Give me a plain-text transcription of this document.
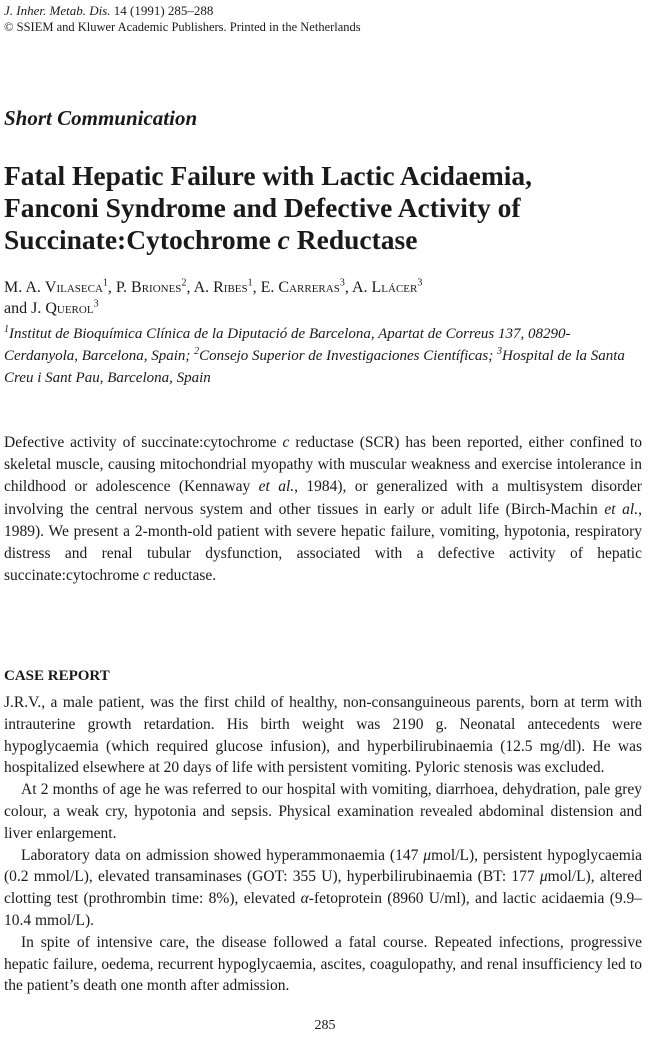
J. Inher. Metab. Dis. 14 (1991) 285–288
© SSIEM and Kluwer Academic Publishers. Printed in the Netherlands
Short Communication
Fatal Hepatic Failure with Lactic Acidaemia,
Fanconi Syndrome and Defective Activity of
Succinate:Cytochrome c Reductase
M. A. Vilaseca$^1$, P. Briones$^2$, A. Ribes$^1$, E. Carreras$^3$, A. Llácer$^3$
and J. Querol$^3$
$^1$Institut de Bioquímica Clínica de la Diputació de Barcelona, Apartat de Correus 137, 08290-Cerdanyola, Barcelona, Spain; $^2$Consejo Superior de Investigaciones Científicas; $^3$Hospital de la Santa Creu i Sant Pau, Barcelona, Spain
Defective activity of succinate:cytochrome c reductase (SCR) has been reported, either confined to skeletal muscle, causing mitochondrial myopathy with muscular weakness and exercise intolerance in childhood or adolescence (Kennaway et al., 1984), or generalized with a multisystem disorder involving the central nervous system and other tissues in early or adult life (Birch-Machin et al., 1989). We present a 2-month-old patient with severe hepatic failure, vomiting, hypotonia, respiratory distress and renal tubular dysfunction, associated with a defective activity of hepatic succinate:cytochrome c reductase.
CASE REPORT

J.R.V., a male patient, was the first child of healthy, non-consanguineous parents, born at term with intrauterine growth retardation. His birth weight was 2190 g. Neonatal antecedents were hypoglycaemia (which required glucose infusion), and hyperbilirubinaemia (12.5 mg/dl). He was hospitalized elsewhere at 20 days of life with persistent vomiting. Pyloric stenosis was excluded.

At 2 months of age he was referred to our hospital with vomiting, diarrhoea, dehydration, pale grey colour, a weak cry, hypotonia and sepsis. Physical examination revealed abdominal distension and liver enlargement.

Laboratory data on admission showed hyperammonaemia (147 μmol/L), persistent hypoglycaemia (0.2 mmol/L), elevated transaminases (GOT: 355 U), hyperbilirubinaemia (BT: 177 μmol/L), altered clotting test (prothrombin time: 8%), elevated α-fetoprotein (8960 U/ml), and lactic acidaemia (9.9–10.4 mmol/L).

In spite of intensive care, the disease followed a fatal course. Repeated infections, progressive hepatic failure, oedema, recurrent hypoglycaemia, ascites, coagulopathy, and renal insufficiency led to the patient’s death one month after admission.

285
